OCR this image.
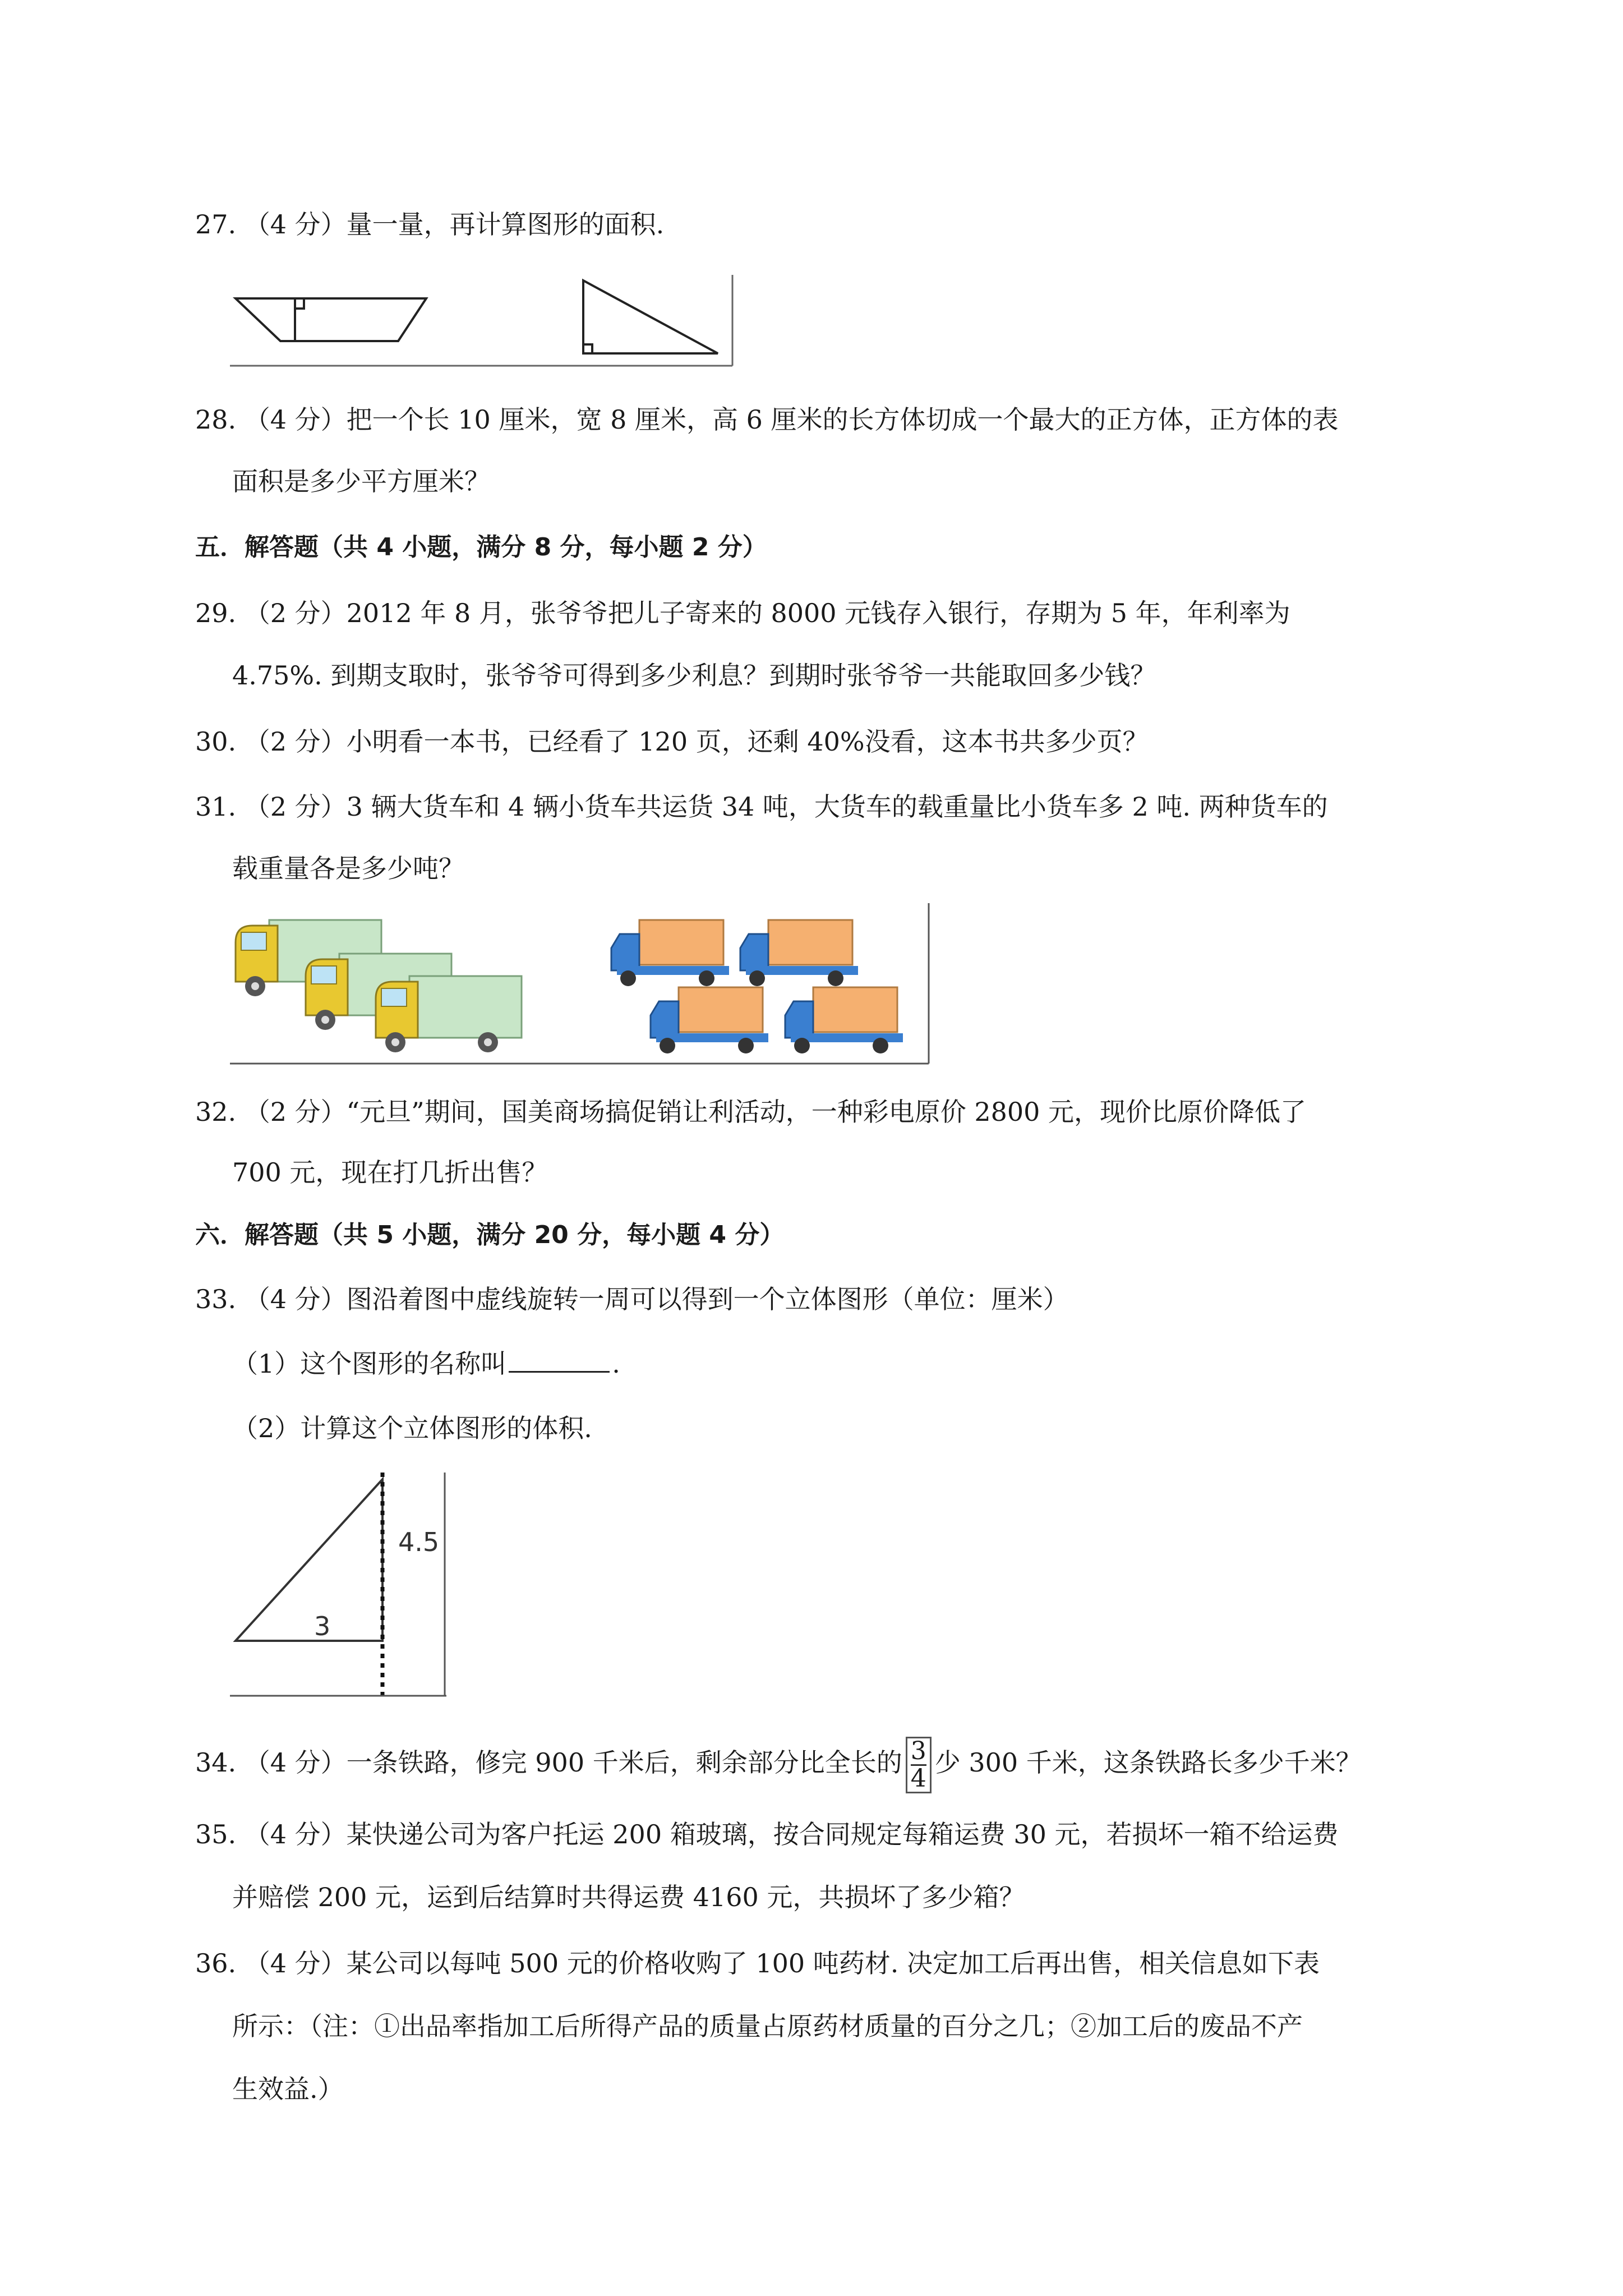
27. （4 分）量一量，再计算图形的面积.
28. （4 分）把一个长 10 厘米，宽 8 厘米，高 6 厘米的长方体切成一个最大的正方体，正方体的表
面积是多少平方厘米？
五．解答题（共 4 小题，满分 8 分，每小题 2 分）
29. （2 分）2012 年 8 月，张爷爷把儿子寄来的 8000 元钱存入银行，存期为 5 年，年利率为
4.75%. 到期支取时，张爷爷可得到多少利息？到期时张爷爷一共能取回多少钱？
30. （2 分）小明看一本书，已经看了 120 页，还剩 40%没看，这本书共多少页？
31. （2 分）3 辆大货车和 4 辆小货车共运货 34 吨，大货车的载重量比小货车多 2 吨. 两种货车的
载重量各是多少吨？
32. （2 分）“元旦”期间，国美商场搞促销让利活动，一种彩电原价 2800 元，现价比原价降低了
700 元，现在打几折出售？
六．解答题（共 5 小题，满分 20 分，每小题 4 分）
33. （4 分）图沿着图中虚线旋转一周可以得到一个立体图形（单位：厘米）
（1）这个图形的名称叫	.
（2）计算这个立体图形的体积.
4.5
3
34. （4 分）一条铁路，修完 900 千米后，剩余部分比全长的 $\frac{3}{4}$ 少 300 千米，这条铁路长多少千米？
35. （4 分）某快递公司为客户托运 200 箱玻璃，按合同规定每箱运费 30 元，若损坏一箱不给运费
并赔偿 200 元，运到后结算时共得运费 4160 元，共损坏了多少箱？
36. （4 分）某公司以每吨 500 元的价格收购了 100 吨药材. 决定加工后再出售，相关信息如下表
所示：（注：①出品率指加工后所得产品的质量占原药材质量的百分之几；②加工后的废品不产
生效益.）
